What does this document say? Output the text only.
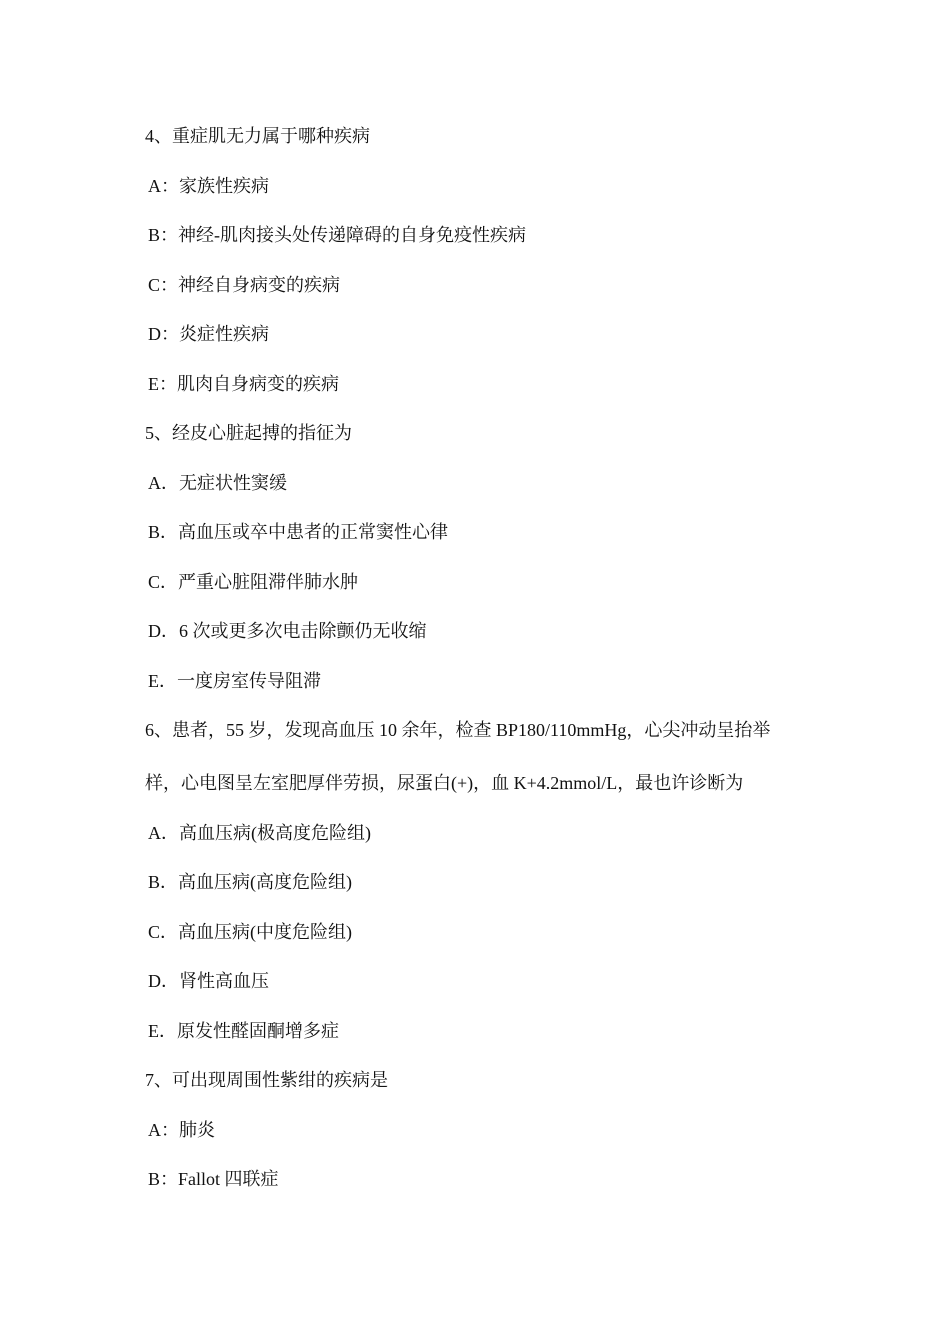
4、重症肌无力属于哪种疾病
A：家族性疾病
B：神经-肌肉接头处传递障碍的自身免疫性疾病
C：神经自身病变的疾病
D：炎症性疾病
E：肌肉自身病变的疾病
5、经皮心脏起搏的指征为
A．无症状性窦缓
B．高血压或卒中患者的正常窦性心律
C．严重心脏阻滞伴肺水肿
D．6 次或更多次电击除颤仍无收缩
E．一度房室传导阻滞
6、患者，55 岁，发现高血压 10 余年，检查 BP180/110mmHg，心尖冲动呈抬举
样，心电图呈左室肥厚伴劳损，尿蛋白(+)，血 K+4.2mmol/L，最也许诊断为
A．高血压病(极高度危险组)
B．高血压病(高度危险组)
C．高血压病(中度危险组)
D．肾性高血压
E．原发性醛固酮增多症
7、可出现周围性紫绀的疾病是
A：肺炎
B：Fallot 四联症
